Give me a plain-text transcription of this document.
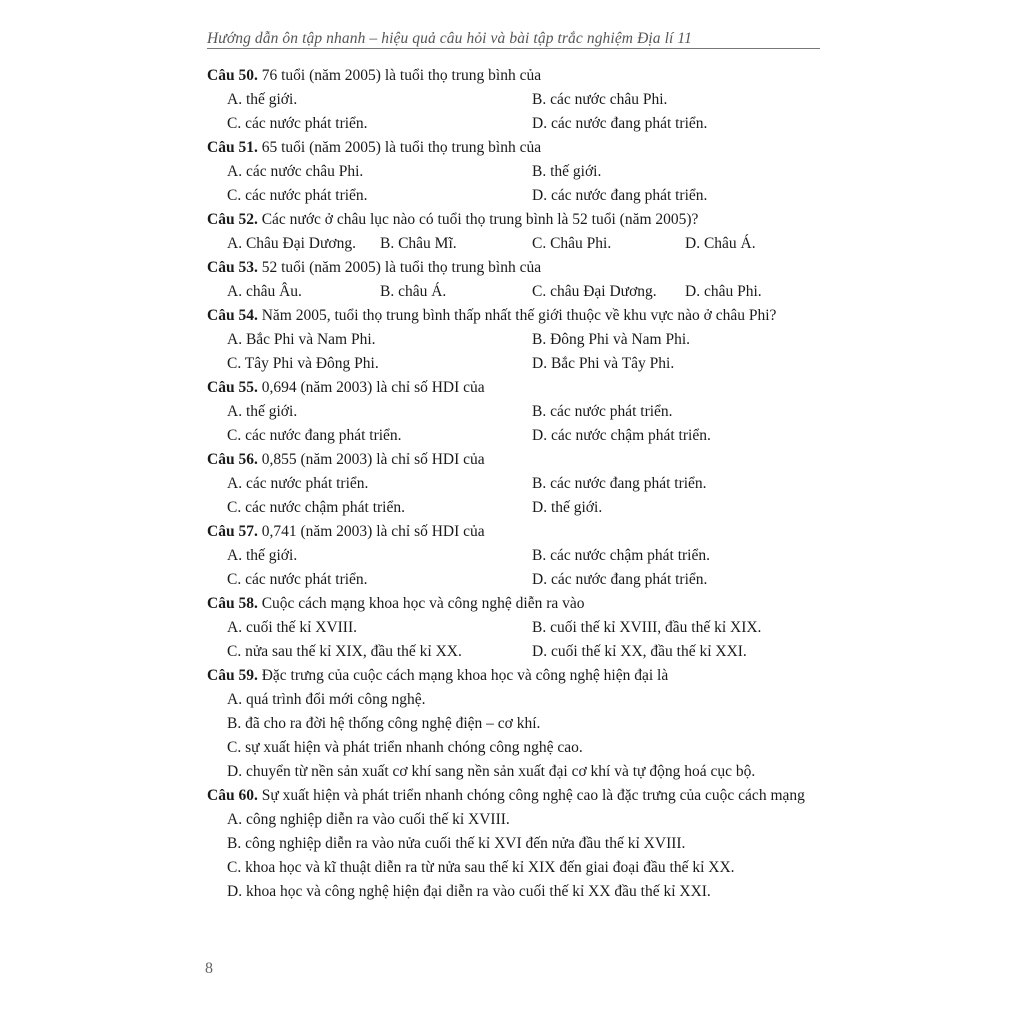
Hướng dẫn ôn tập nhanh – hiệu quả câu hỏi và bài tập trắc nghiệm Địa lí 11
Câu 50. 76 tuổi (năm 2005) là tuổi thọ trung bình của
A. thế giới.	B. các nước châu Phi.
C. các nước phát triển.	D. các nước đang phát triển.
Câu 51. 65 tuổi (năm 2005) là tuổi thọ trung bình của
A. các nước châu Phi.	B. thế giới.
C. các nước phát triển.	D. các nước đang phát triển.
Câu 52. Các nước ở châu lục nào có tuổi thọ trung bình là 52 tuổi (năm 2005)?
A. Châu Đại Dương.	B. Châu Mĩ.	C. Châu Phi.	D. Châu Á.
Câu 53. 52 tuổi (năm 2005) là tuổi thọ trung bình của
A. châu Âu.	B. châu Á.	C. châu Đại Dương.	D. châu Phi.
Câu 54. Năm 2005, tuổi thọ trung bình thấp nhất thế giới thuộc về khu vực nào ở châu Phi?
A. Bắc Phi và Nam Phi.	B. Đông Phi và Nam Phi.
C. Tây Phi và Đông Phi.	D. Bắc Phi và Tây Phi.
Câu 55. 0,694 (năm 2003) là chỉ số HDI của
A. thế giới.	B. các nước phát triển.
C. các nước đang phát triển.	D. các nước chậm phát triển.
Câu 56. 0,855 (năm 2003) là chỉ số HDI của
A. các nước phát triển.	B. các nước đang phát triển.
C. các nước chậm phát triển.	D. thế giới.
Câu 57. 0,741 (năm 2003) là chỉ số HDI của
A. thế giới.	B. các nước chậm phát triển.
C. các nước phát triển.	D. các nước đang phát triển.
Câu 58. Cuộc cách mạng khoa học và công nghệ diễn ra vào
A. cuối thế kỉ XVIII.	B. cuối thế kỉ XVIII, đầu thế kỉ XIX.
C. nửa sau thế kỉ XIX, đầu thế kỉ XX.	D. cuối thế kỉ XX, đầu thế kỉ XXI.
Câu 59. Đặc trưng của cuộc cách mạng khoa học và công nghệ hiện đại là
A. quá trình đổi mới công nghệ.
B. đã cho ra đời hệ thống công nghệ điện – cơ khí.
C. sự xuất hiện và phát triển nhanh chóng công nghệ cao.
D. chuyển từ nền sản xuất cơ khí sang nền sản xuất đại cơ khí và tự động hoá cục bộ.
Câu 60. Sự xuất hiện và phát triển nhanh chóng công nghệ cao là đặc trưng của cuộc cách mạng
A. công nghiệp diễn ra vào cuối thế kỉ XVIII.
B. công nghiệp diễn ra vào nửa cuối thế kỉ XVI đến nửa đầu thế kỉ XVIII.
C. khoa học và kĩ thuật diễn ra từ nửa sau thế kỉ XIX đến giai đoại đầu thế kỉ XX.
D. khoa học và công nghệ hiện đại diễn ra vào cuối thế kỉ XX đầu thế kỉ XXI.
8
